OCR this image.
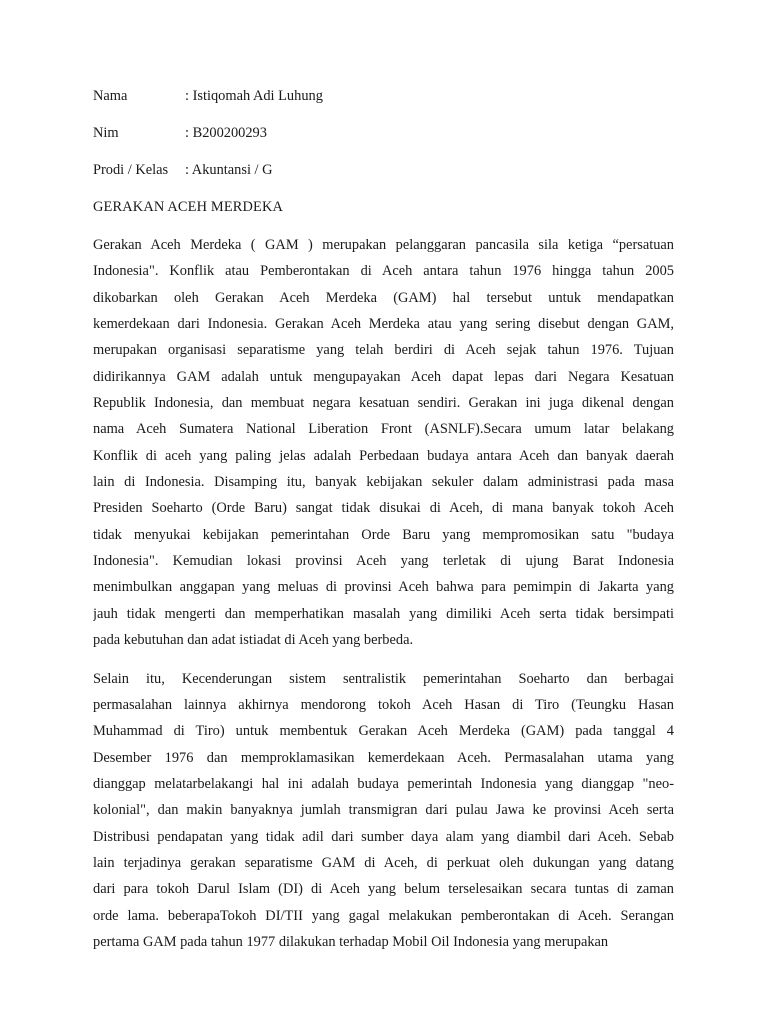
Nama	: Istiqomah Adi Luhung
Nim	: B200200293
Prodi / Kelas	: Akuntansi / G
GERAKAN ACEH MERDEKA

Gerakan Aceh Merdeka ( GAM ) merupakan pelanggaran pancasila sila ketiga “persatuan
Indonesia". Konflik atau Pemberontakan di Aceh antara tahun 1976 hingga tahun 2005
dikobarkan oleh Gerakan Aceh Merdeka (GAM) hal tersebut untuk mendapatkan
kemerdekaan dari Indonesia. Gerakan Aceh Merdeka atau yang sering disebut dengan GAM,
merupakan organisasi separatisme yang telah berdiri di Aceh sejak tahun 1976. Tujuan
didirikannya GAM adalah untuk mengupayakan Aceh dapat lepas dari Negara Kesatuan
Republik Indonesia, dan membuat negara kesatuan sendiri. Gerakan ini juga dikenal dengan
nama Aceh Sumatera National Liberation Front (ASNLF).Secara umum latar belakang
Konflik di aceh yang paling jelas adalah Perbedaan budaya antara Aceh dan banyak daerah
lain di Indonesia. Disamping itu, banyak kebijakan sekuler dalam administrasi pada masa
Presiden Soeharto (Orde Baru) sangat tidak disukai di Aceh, di mana banyak tokoh Aceh
tidak menyukai kebijakan pemerintahan Orde Baru yang mempromosikan satu "budaya
Indonesia". Kemudian lokasi provinsi Aceh yang terletak di ujung Barat Indonesia
menimbulkan anggapan yang meluas di provinsi Aceh bahwa para pemimpin di Jakarta yang
jauh tidak mengerti dan memperhatikan masalah yang dimiliki Aceh serta tidak bersimpati
pada kebutuhan dan adat istiadat di Aceh yang berbeda.

Selain itu, Kecenderungan sistem sentralistik pemerintahan Soeharto dan berbagai
permasalahan lainnya akhirnya mendorong tokoh Aceh Hasan di Tiro (Teungku Hasan
Muhammad di Tiro) untuk membentuk Gerakan Aceh Merdeka (GAM) pada tanggal 4
Desember 1976 dan memproklamasikan kemerdekaan Aceh. Permasalahan utama yang
dianggap melatarbelakangi hal ini adalah budaya pemerintah Indonesia yang dianggap "neo-
kolonial", dan makin banyaknya jumlah transmigran dari pulau Jawa ke provinsi Aceh serta
Distribusi pendapatan yang tidak adil dari sumber daya alam yang diambil dari Aceh. Sebab
lain terjadinya gerakan separatisme GAM di Aceh, di perkuat oleh dukungan yang datang
dari para tokoh Darul Islam (DI) di Aceh yang belum terselesaikan secara tuntas di zaman
orde lama. beberapaTokoh DI/TII yang gagal melakukan pemberontakan di Aceh. Serangan
pertama GAM pada tahun 1977 dilakukan terhadap Mobil Oil Indonesia yang merupakan
